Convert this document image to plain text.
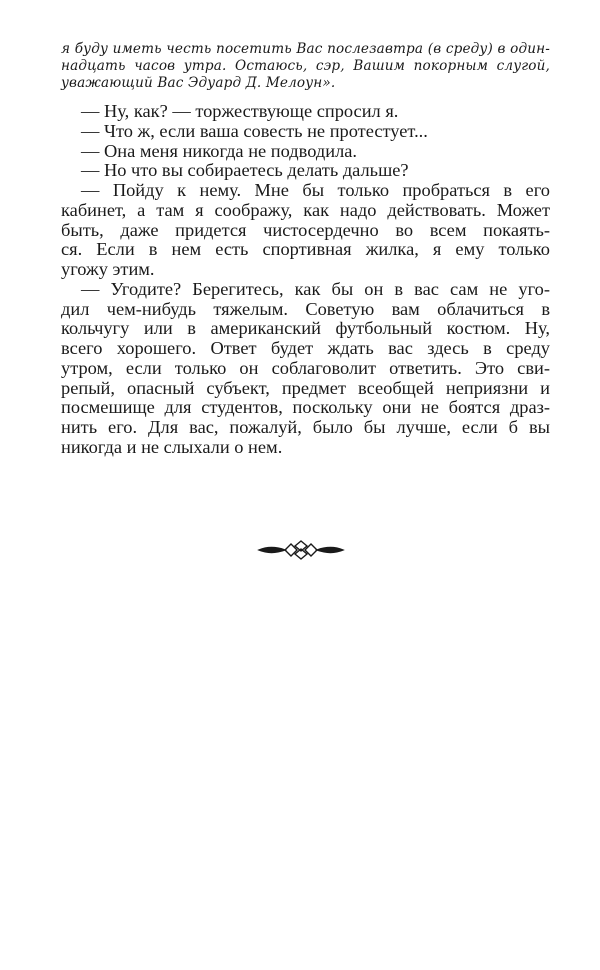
я буду иметь честь посетить Вас послезавтра (в среду) в один-
надцать часов утра. Остаюсь, сэр, Вашим покорным слугой,
уважающий Вас Эдуард Д. Мелоун».
— Ну, как? — торжествующе спросил я.
— Что ж, если ваша совесть не протестует...
— Она меня никогда не подводила.
— Но что вы собираетесь делать дальше?
— Пойду к нему. Мне бы только пробраться в его
кабинет, а там я соображу, как надо действовать. Может
быть, даже придется чистосердечно во всем покаять-
ся. Если в нем есть спортивная жилка, я ему только
угожу этим.
— Угодите? Берегитесь, как бы он в вас сам не уго-
дил чем-нибудь тяжелым. Советую вам облачиться в
кольчугу или в американский футбольный костюм. Ну,
всего хорошего. Ответ будет ждать вас здесь в среду
утром, если только он соблаговолит ответить. Это сви-
репый, опасный субъект, предмет всеобщей неприязни и
посмешище для студентов, поскольку они не боятся драз-
нить его. Для вас, пожалуй, было бы лучше, если б вы
никогда и не слыхали о нем.
